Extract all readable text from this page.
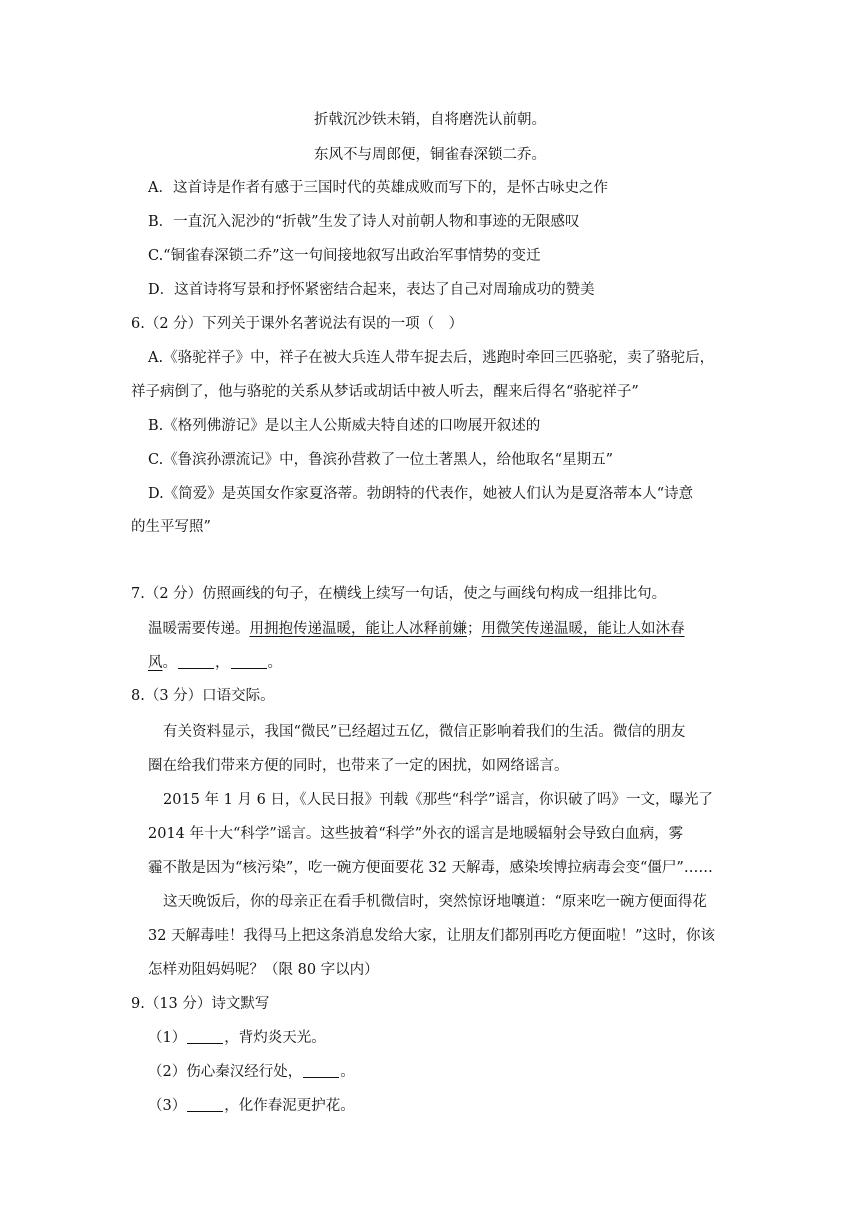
折戟沉沙铁未销，自将磨洗认前朝。
东风不与周郎便，铜雀春深锁二乔。
A．这首诗是作者有感于三国时代的英雄成败而写下的，是怀古咏史之作
B．一直沉入泥沙的“折戟”生发了诗人对前朝人物和事迹的无限感叹
C.“铜雀春深锁二乔”这一句间接地叙写出政治军事情势的变迁
D．这首诗将写景和抒怀紧密结合起来，表达了自己对周瑜成功的赞美
6.（2 分）下列关于课外名著说法有误的一项（　）
A.《骆驼祥子》中，祥子在被大兵连人带车捉去后，逃跑时牵回三匹骆驼，卖了骆驼后，
祥子病倒了，他与骆驼的关系从梦话或胡话中被人听去，醒来后得名“骆驼祥子”
B.《格列佛游记》是以主人公斯威夫特自述的口吻展开叙述的
C.《鲁滨孙漂流记》中，鲁滨孙营救了一位土著黑人，给他取名“星期五”
D.《简爱》是英国女作家夏洛蒂。勃朗特的代表作，她被人们认为是夏洛蒂本人“诗意
的生平写照”
7.（2 分）仿照画线的句子，在横线上续写一句话，使之与画线句构成一组排比句。
温暖需要传递。用拥抱传递温暖，能让人冰释前嫌；用微笑传递温暖，能让人如沐春
风。	，	。
8.（3 分）口语交际。
有关资料显示，我国“微民”已经超过五亿，微信正影响着我们的生活。微信的朋友
圈在给我们带来方便的同时，也带来了一定的困扰，如网络谣言。
2015 年 1 月 6 日，《人民日报》刊载《那些“科学”谣言，你识破了吗》一文，曝光了
2014 年十大“科学”谣言。这些披着“科学”外衣的谣言是地暖辐射会导致白血病，雾
霾不散是因为“核污染”，吃一碗方便面要花 32 天解毒，感染埃博拉病毒会变“僵尸”……
这天晚饭后，你的母亲正在看手机微信时，突然惊讶地嚷道：“原来吃一碗方便面得花
32 天解毒哇！我得马上把这条消息发给大家，让朋友们都别再吃方便面啦！”这时，你该
怎样劝阻妈妈呢？（限 80 字以内）
9.（13 分）诗文默写
（1）	，背灼炎天光。
（2）伤心秦汉经行处，	。
（3）	，化作春泥更护花。
